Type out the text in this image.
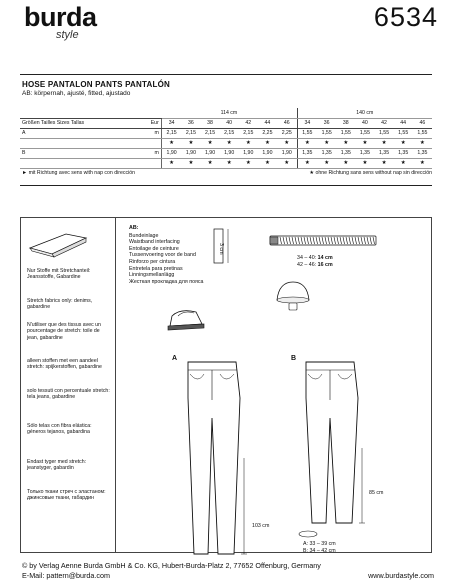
burda
style
6534
HOSE PANTALON PANTS PANTALÓN
AB: körpernah, ajusté, fitted, ajustado
		114 cm							140 cm						
Größen Tailles Sizes Tallas	Eur	34	36	38	40	42	44	46	34	36	38	40	42	44	46
A	m	2,15	2,15	2,15	2,15	2,15	2,25	2,25	1,55	1,55	1,55	1,55	1,55	1,55	1,55
		★	★	★	★	★	★	★	★	★	★	★	★	★	★
B	m	1,90	1,90	1,90	1,90	1,90	1,90	1,90	1,35	1,35	1,35	1,35	1,35	1,35	1,35
		★	★	★	★	★	★	★	★	★	★	★	★	★	★
► mit Richtung avec sens with nap con dirección	★ ohne Richtung sans sens without nap sin dirección
Nur Stoffe mit Stretchanteil: Jeansstoffe, Gabardine
Stretch fabrics only: denims, gabardine
N'utiliser que des tissus avec un pourcentage de stretch: toile de jean, gabardine
alleen stoffen met een aandeel stretch: spijkerstoffen, gabardine
solo tessuti con percentuale stretch: tela jeans, gabardine
Sólo telas con fibra elástica: géneros tejanos, gabardina
Endast tyger med stretch: jeanstyger, gabardin
Только ткани стреч с эластаном: джинсовые ткани, габардин
AB:
Bundeinlage
Waistband interfacing
Entoilage de ceinture
Tussenvoering voor de band
Rinforzo per cintura
Entretela para pretinas
Linningsmellanlägg
Жесткая прокладка для пояса
3 cm
34 – 40: 14 cm
42 – 46: 16 cm
A	B
103 cm
85 cm
A: 33 – 39 cm
B: 34 – 42 cm
© by Verlag Aenne Burda GmbH & Co. KG, Hubert-Burda-Platz 2, 77652 Offenburg, Germany
E-Mail: pattern@burda.com	www.burdastyle.com
